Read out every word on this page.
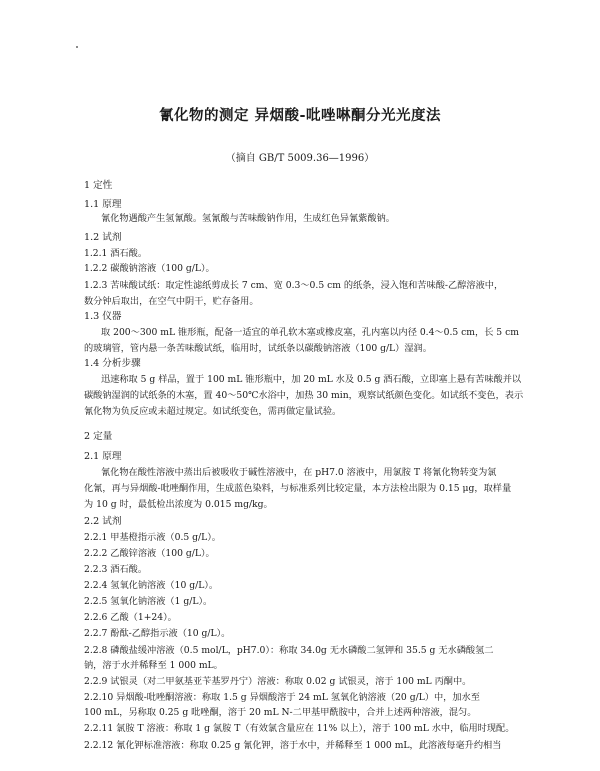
氰化物的测定 异烟酸-吡唑啉酮分光光度法
（摘自 GB/T 5009.36—1996）
1 定性
1.1 原理
氰化物遇酸产生氢氰酸。氢氰酸与苦味酸钠作用，生成红色异氰紫酸钠。
1.2 试剂
1.2.1 酒石酸。
1.2.2 碳酸钠溶液（100 g/L）。
1.2.3 苦味酸试纸：取定性滤纸剪成长 7 cm、宽 0.3～0.5 cm 的纸条，浸入饱和苦味酸-乙醇溶液中，
数分钟后取出，在空气中阴干，贮存备用。
1.3 仪器
取 200～300 mL 锥形瓶，配备一适宜的单孔软木塞或橡皮塞，孔内塞以内径 0.4～0.5 cm，长 5 cm
的玻璃管，管内悬一条苦味酸试纸，临用时，试纸条以碳酸钠溶液（100 g/L）湿润。
1.4 分析步骤
迅速称取 5 g 样品，置于 100 mL 锥形瓶中，加 20 mL 水及 0.5 g 酒石酸，立即塞上悬有苦味酸并以
碳酸钠湿润的试纸条的木塞，置 40～50℃水浴中，加热 30 min，观察试纸颜色变化。如试纸不变色，表示
氰化物为负反应或未超过规定。如试纸变色，需再做定量试验。
2 定量
2.1 原理
氰化物在酸性溶液中蒸出后被吸收于碱性溶液中，在 pH7.0 溶液中，用氯胺 T 将氰化物转变为氯
化氰，再与异烟酸-吡唑酮作用，生成蓝色染料，与标准系列比较定量，本方法检出限为 0.15 μg，取样量
为 10 g 时，最低检出浓度为 0.015 mg/kg。
2.2 试剂
2.2.1 甲基橙指示液（0.5 g/L）。
2.2.2 乙酸锌溶液（100 g/L）。
2.2.3 酒石酸。
2.2.4 氢氧化钠溶液（10 g/L）。
2.2.5 氢氧化钠溶液（1 g/L）。
2.2.6 乙酸（1+24）。
2.2.7 酚酞-乙醇指示液（10 g/L）。
2.2.8 磷酸盐缓冲溶液（0.5 mol/L，pH7.0）：称取 34.0g 无水磷酸二氢钾和 35.5 g 无水磷酸氢二
钠，溶于水并稀释至 1 000 mL。
2.2.9 试银灵（对二甲氨基亚苄基罗丹宁）溶液：称取 0.02 g 试银灵，溶于 100 mL 丙酮中。
2.2.10 异烟酸-吡唑酮溶液：称取 1.5 g 异烟酸溶于 24 mL 氢氧化钠溶液（20 g/L）中，加水至
100 mL，另称取 0.25 g 吡唑酮，溶于 20 mL N-二甲基甲酰胺中，合并上述两种溶液，混匀。
2.2.11 氯胺 T 溶液：称取 1 g 氯胺 T（有效氯含量应在 11% 以上），溶于 100 mL 水中，临用时现配。
2.2.12 氰化钾标准溶液：称取 0.25 g 氰化钾，溶于水中，并稀释至 1 000 mL，此溶液每毫升约相当
